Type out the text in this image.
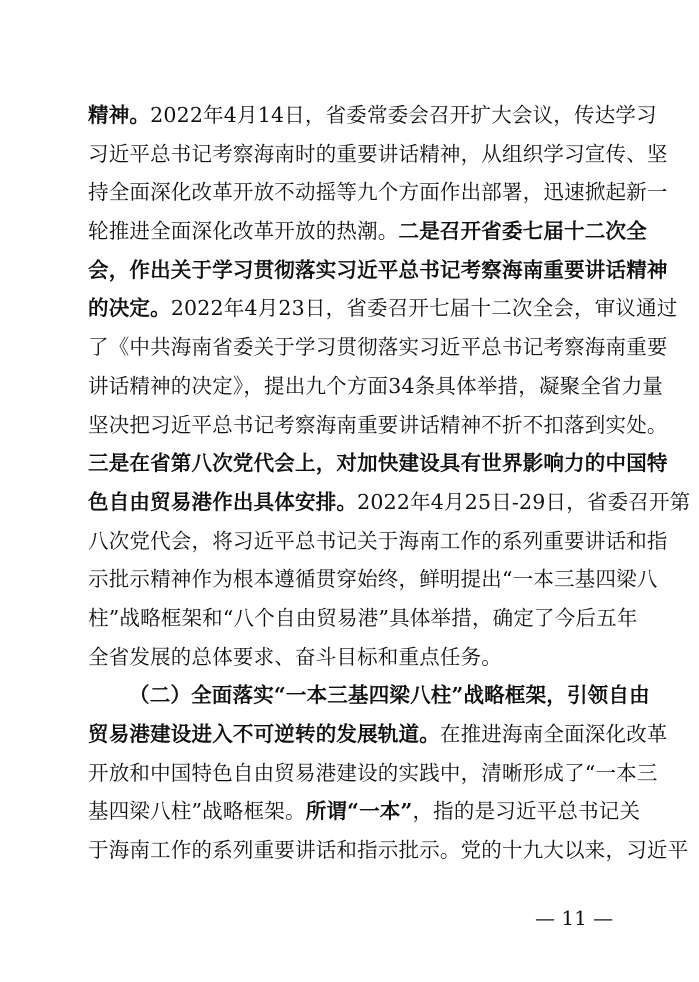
精神。2022年4月14日，省委常委会召开扩大会议，传达学习
习近平总书记考察海南时的重要讲话精神，从组织学习宣传、坚
持全面深化改革开放不动摇等九个方面作出部署，迅速掀起新一
轮推进全面深化改革开放的热潮。二是召开省委七届十二次全
会，作出关于学习贯彻落实习近平总书记考察海南重要讲话精神
的决定。2022年4月23日，省委召开七届十二次全会，审议通过
了《中共海南省委关于学习贯彻落实习近平总书记考察海南重要
讲话精神的决定》，提出九个方面34条具体举措，凝聚全省力量
坚决把习近平总书记考察海南重要讲话精神不折不扣落到实处。
三是在省第八次党代会上，对加快建设具有世界影响力的中国特
色自由贸易港作出具体安排。2022年4月25日-29日，省委召开第
八次党代会，将习近平总书记关于海南工作的系列重要讲话和指
示批示精神作为根本遵循贯穿始终，鲜明提出“一本三基四梁八
柱”战略框架和“八个自由贸易港”具体举措，确定了今后五年
全省发展的总体要求、奋斗目标和重点任务。
（二）全面落实“一本三基四梁八柱”战略框架，引领自由
贸易港建设进入不可逆转的发展轨道。在推进海南全面深化改革
开放和中国特色自由贸易港建设的实践中，清晰形成了“一本三
基四梁八柱”战略框架。所谓“一本”，指的是习近平总书记关
于海南工作的系列重要讲话和指示批示。党的十九大以来，习近平
— 11 —
